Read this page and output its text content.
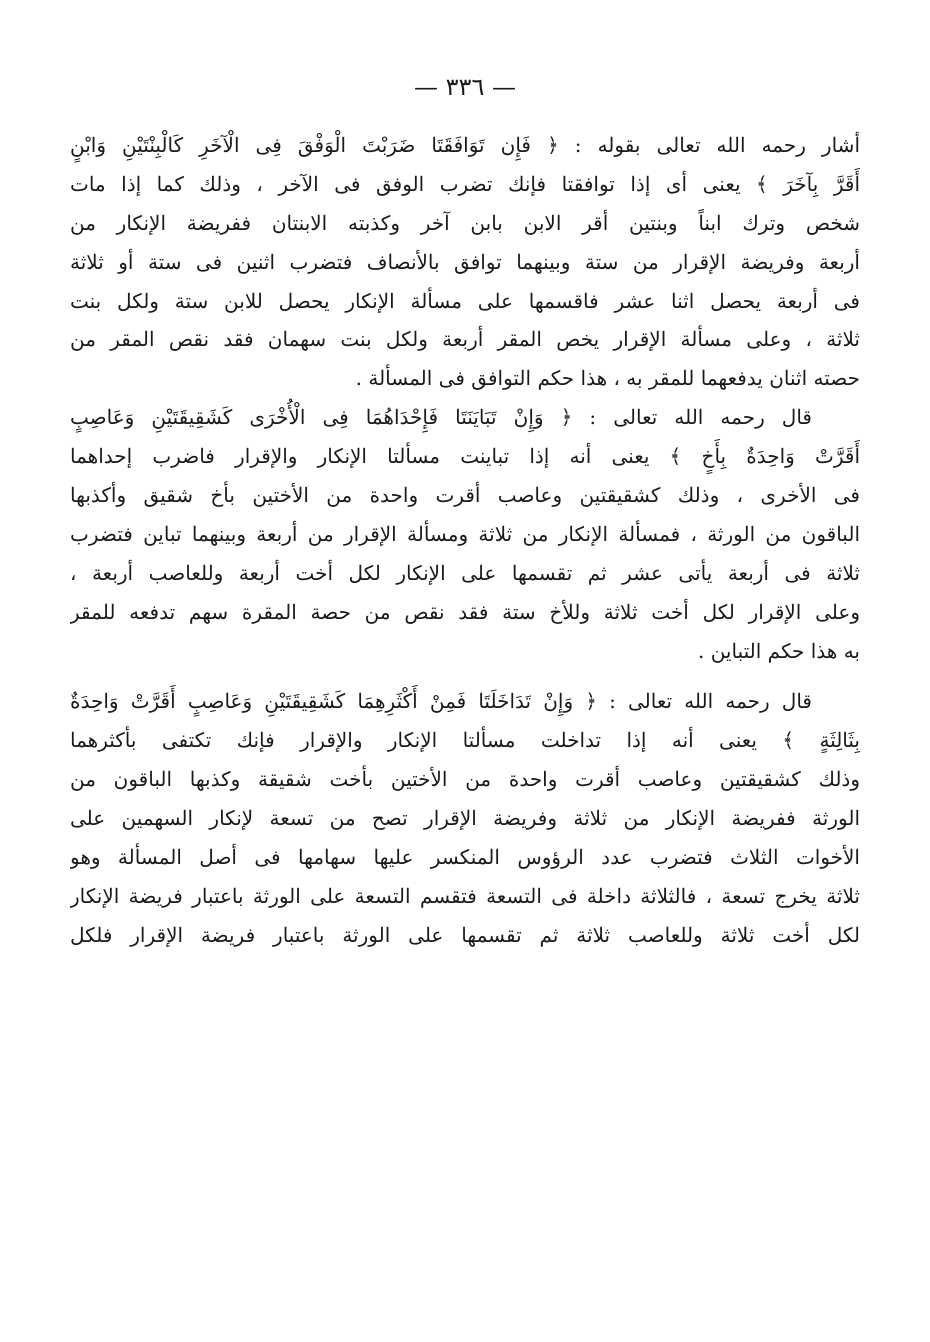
— ٣٣٦ —
أشار رحمه الله تعالى بقوله : ﴿ فَإِن تَوَافَقَتَا ضَرَبْتَ الْوَفْقَ فِى الْآخَرِ كَالْبِنْتَيْنِ وَابْنٍ
أَقَرَّ بِآخَرَ ﴾ يعنى أى إذا توافقتا فإنك تضرب الوفق فى الآخر ، وذلك كما إذا مات
شخص وترك ابناً وبنتين أقر الابن بابن آخر وكذبته الابنتان ففريضة الإنكار من
أربعة وفريضة الإقرار من ستة وبينهما توافق بالأنصاف فتضرب اثنين فى ستة أو ثلاثة
فى أربعة يحصل اثنا عشر فاقسمها على مسألة الإنكار يحصل للابن ستة ولكل بنت
ثلاثة ، وعلى مسألة الإقرار يخص المقر أربعة ولكل بنت سهمان فقد نقص المقر من
حصته اثنان يدفعهما للمقر به ، هذا حكم التوافق فى المسألة .
قال رحمه الله تعالى : ﴿ وَإِنْ تَبَايَنَتَا فَإِحْدَاهُمَا فِى الْأُخْرَى كَشَقِيقَتَيْنِ وَعَاصِبٍ
أَقَرَّتْ وَاحِدَةٌ بِأَخٍ ﴾ يعنى أنه إذا تباينت مسألتا الإنكار والإقرار فاضرب إحداهما
فى الأخرى ، وذلك كشقيقتين وعاصب أقرت واحدة من الأختين بأخ شقيق وأكذبها
الباقون من الورثة ، فمسألة الإنكار من ثلاثة ومسألة الإقرار من أربعة وبينهما تباين فتضرب
ثلاثة فى أربعة يأتى عشر ثم تقسمها على الإنكار لكل أخت أربعة وللعاصب أربعة ،
وعلى الإقرار لكل أخت ثلاثة وللأخ ستة فقد نقص من حصة المقرة سهم تدفعه للمقر
به هذا حكم التباين .
قال رحمه الله تعالى : ﴿ وَإِنْ تَدَاخَلَتَا فَمِنْ أَكْثَرِهِمَا كَشَقِيقَتَيْنِ وَعَاصِبٍ أَقَرَّتْ وَاحِدَةٌ
بِثَالِثَةٍ ﴾ يعنى أنه إذا تداخلت مسألتا الإنكار والإقرار فإنك تكتفى بأكثرهما
وذلك كشقيقتين وعاصب أقرت واحدة من الأختين بأخت شقيقة وكذبها الباقون من
الورثة ففريضة الإنكار من ثلاثة وفريضة الإقرار تصح من تسعة لإنكار السهمين على
الأخوات الثلاث فتضرب عدد الرؤوس المنكسر عليها سهامها فى أصل المسألة وهو
ثلاثة يخرج تسعة ، فالثلاثة داخلة فى التسعة فتقسم التسعة على الورثة باعتبار فريضة الإنكار
لكل أخت ثلاثة وللعاصب ثلاثة ثم تقسمها على الورثة باعتبار فريضة الإقرار فلكل
